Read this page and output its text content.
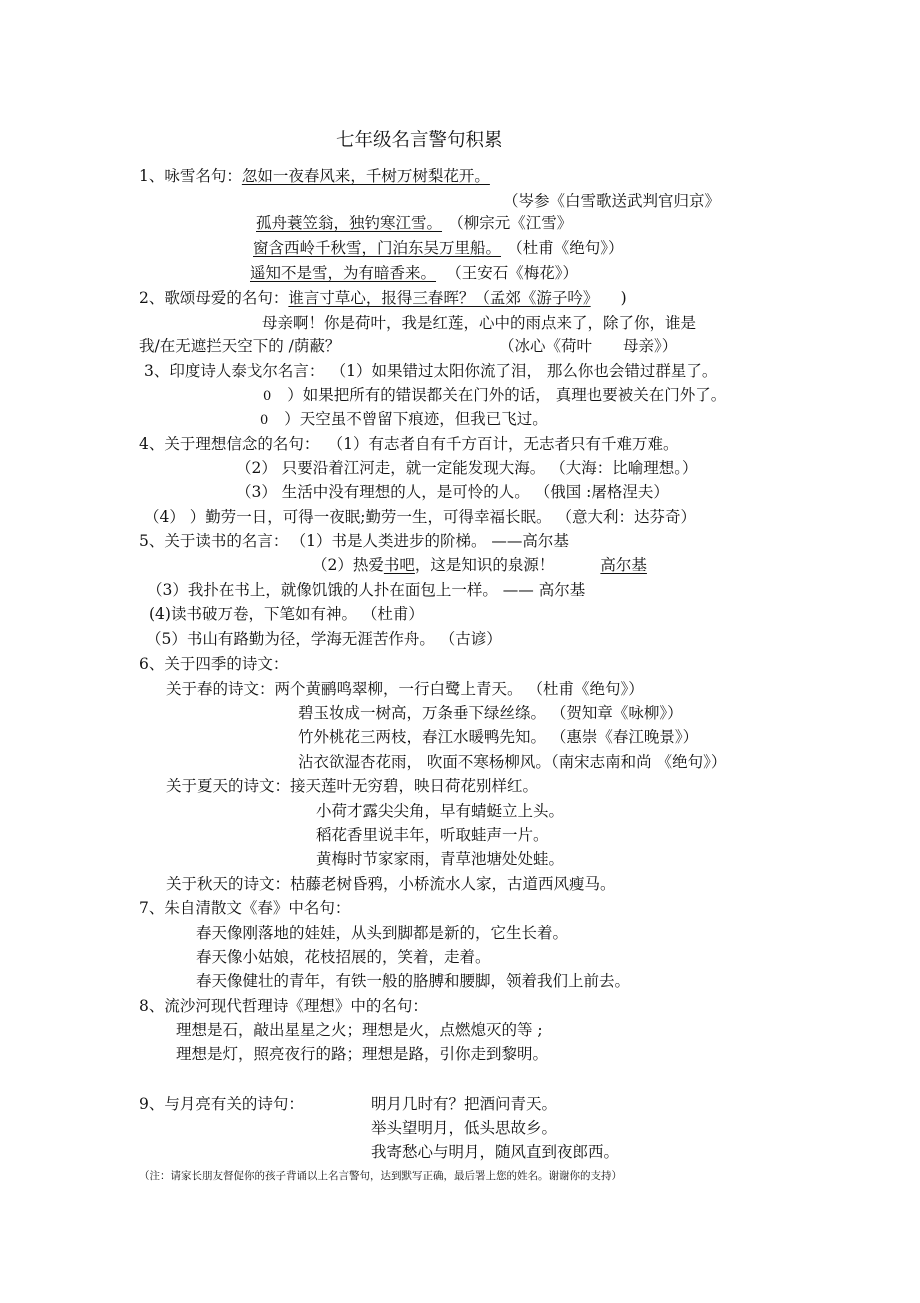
七年级名言警句积累
1、咏雪名句：忽如一夜春风来，千树万树梨花开。
（岑参《白雪歌送武判官归京》
孤舟蓑笠翁，独钓寒江雪。 （柳宗元《江雪》
窗含西岭千秋雪，门泊东吴万里船。 （杜甫《绝句》）
遥知不是雪，为有暗香来。 （王安石《梅花》）
2、歌颂母爱的名句：谁言寸草心，报得三春晖？（孟郊《游子吟》 )
母亲啊！你是荷叶，我是红莲，心中的雨点来了，除了你，谁是
我/在无遮拦天空下的 /荫蔽？	（冰心《荷叶　　母亲》）
3、印度诗人泰戈尔名言： （1）如果错过太阳你流了泪， 那么你也会错过群星了。
0 ）如果把所有的错误都关在门外的话， 真理也要被关在门外了。
0 ）天空虽不曾留下痕迹，但我已飞过。
4、关于理想信念的名句： （1）有志者自有千方百计，无志者只有千难万难。
（2） 只要沿着江河走，就一定能发现大海。 （大海：比喻理想。）
（3） 生活中没有理想的人，是可怜的人。 （俄国 :屠格涅夫）
（4） ）勤劳一日，可得一夜眠;勤劳一生，可得幸福长眠。 （意大利：达芬奇）
5、关于读书的名言： （1）书是人类进步的阶梯。 ——高尔基
（2）热爱书吧，这是知识的泉源！	高尔基
（3）我扑在书上，就像饥饿的人扑在面包上一样。 —— 高尔基
(4)读书破万卷，下笔如有神。 （杜甫）
（5）书山有路勤为径，学海无涯苦作舟。 （古谚）
6、关于四季的诗文：
关于春的诗文：两个黄鹂鸣翠柳，一行白鹭上青天。 （杜甫《绝句》）
碧玉妆成一树高，万条垂下绿丝绦。 （贺知章《咏柳》）
竹外桃花三两枝，春江水暖鸭先知。 （惠崇《春江晚景》）
沾衣欲湿杏花雨， 吹面不寒杨柳风。（南宋志南和尚 《绝句》）
关于夏天的诗文：接天莲叶无穷碧，映日荷花别样红。
小荷才露尖尖角，早有蜻蜓立上头。
稻花香里说丰年，听取蛙声一片。
黄梅时节家家雨，青草池塘处处蛙。
关于秋天的诗文：枯藤老树昏鸦，小桥流水人家，古道西风瘦马。
7、朱自清散文《春》中名句：
春天像刚落地的娃娃，从头到脚都是新的，它生长着。
春天像小姑娘，花枝招展的，笑着，走着。
春天像健壮的青年，有铁一般的胳膊和腰脚，领着我们上前去。
8、流沙河现代哲理诗《理想》中的名句：
理想是石，敲出星星之火；理想是火，点燃熄灭的等 ;
理想是灯，照亮夜行的路；理想是路，引你走到黎明。
9、与月亮有关的诗句：	明月几时有？把酒问青天。
举头望明月，低头思故乡。
我寄愁心与明月，随风直到夜郎西。
（注：请家长朋友督促你的孩子背诵以上名言警句，达到默写正确，最后署上您的姓名。谢谢你的支持）
